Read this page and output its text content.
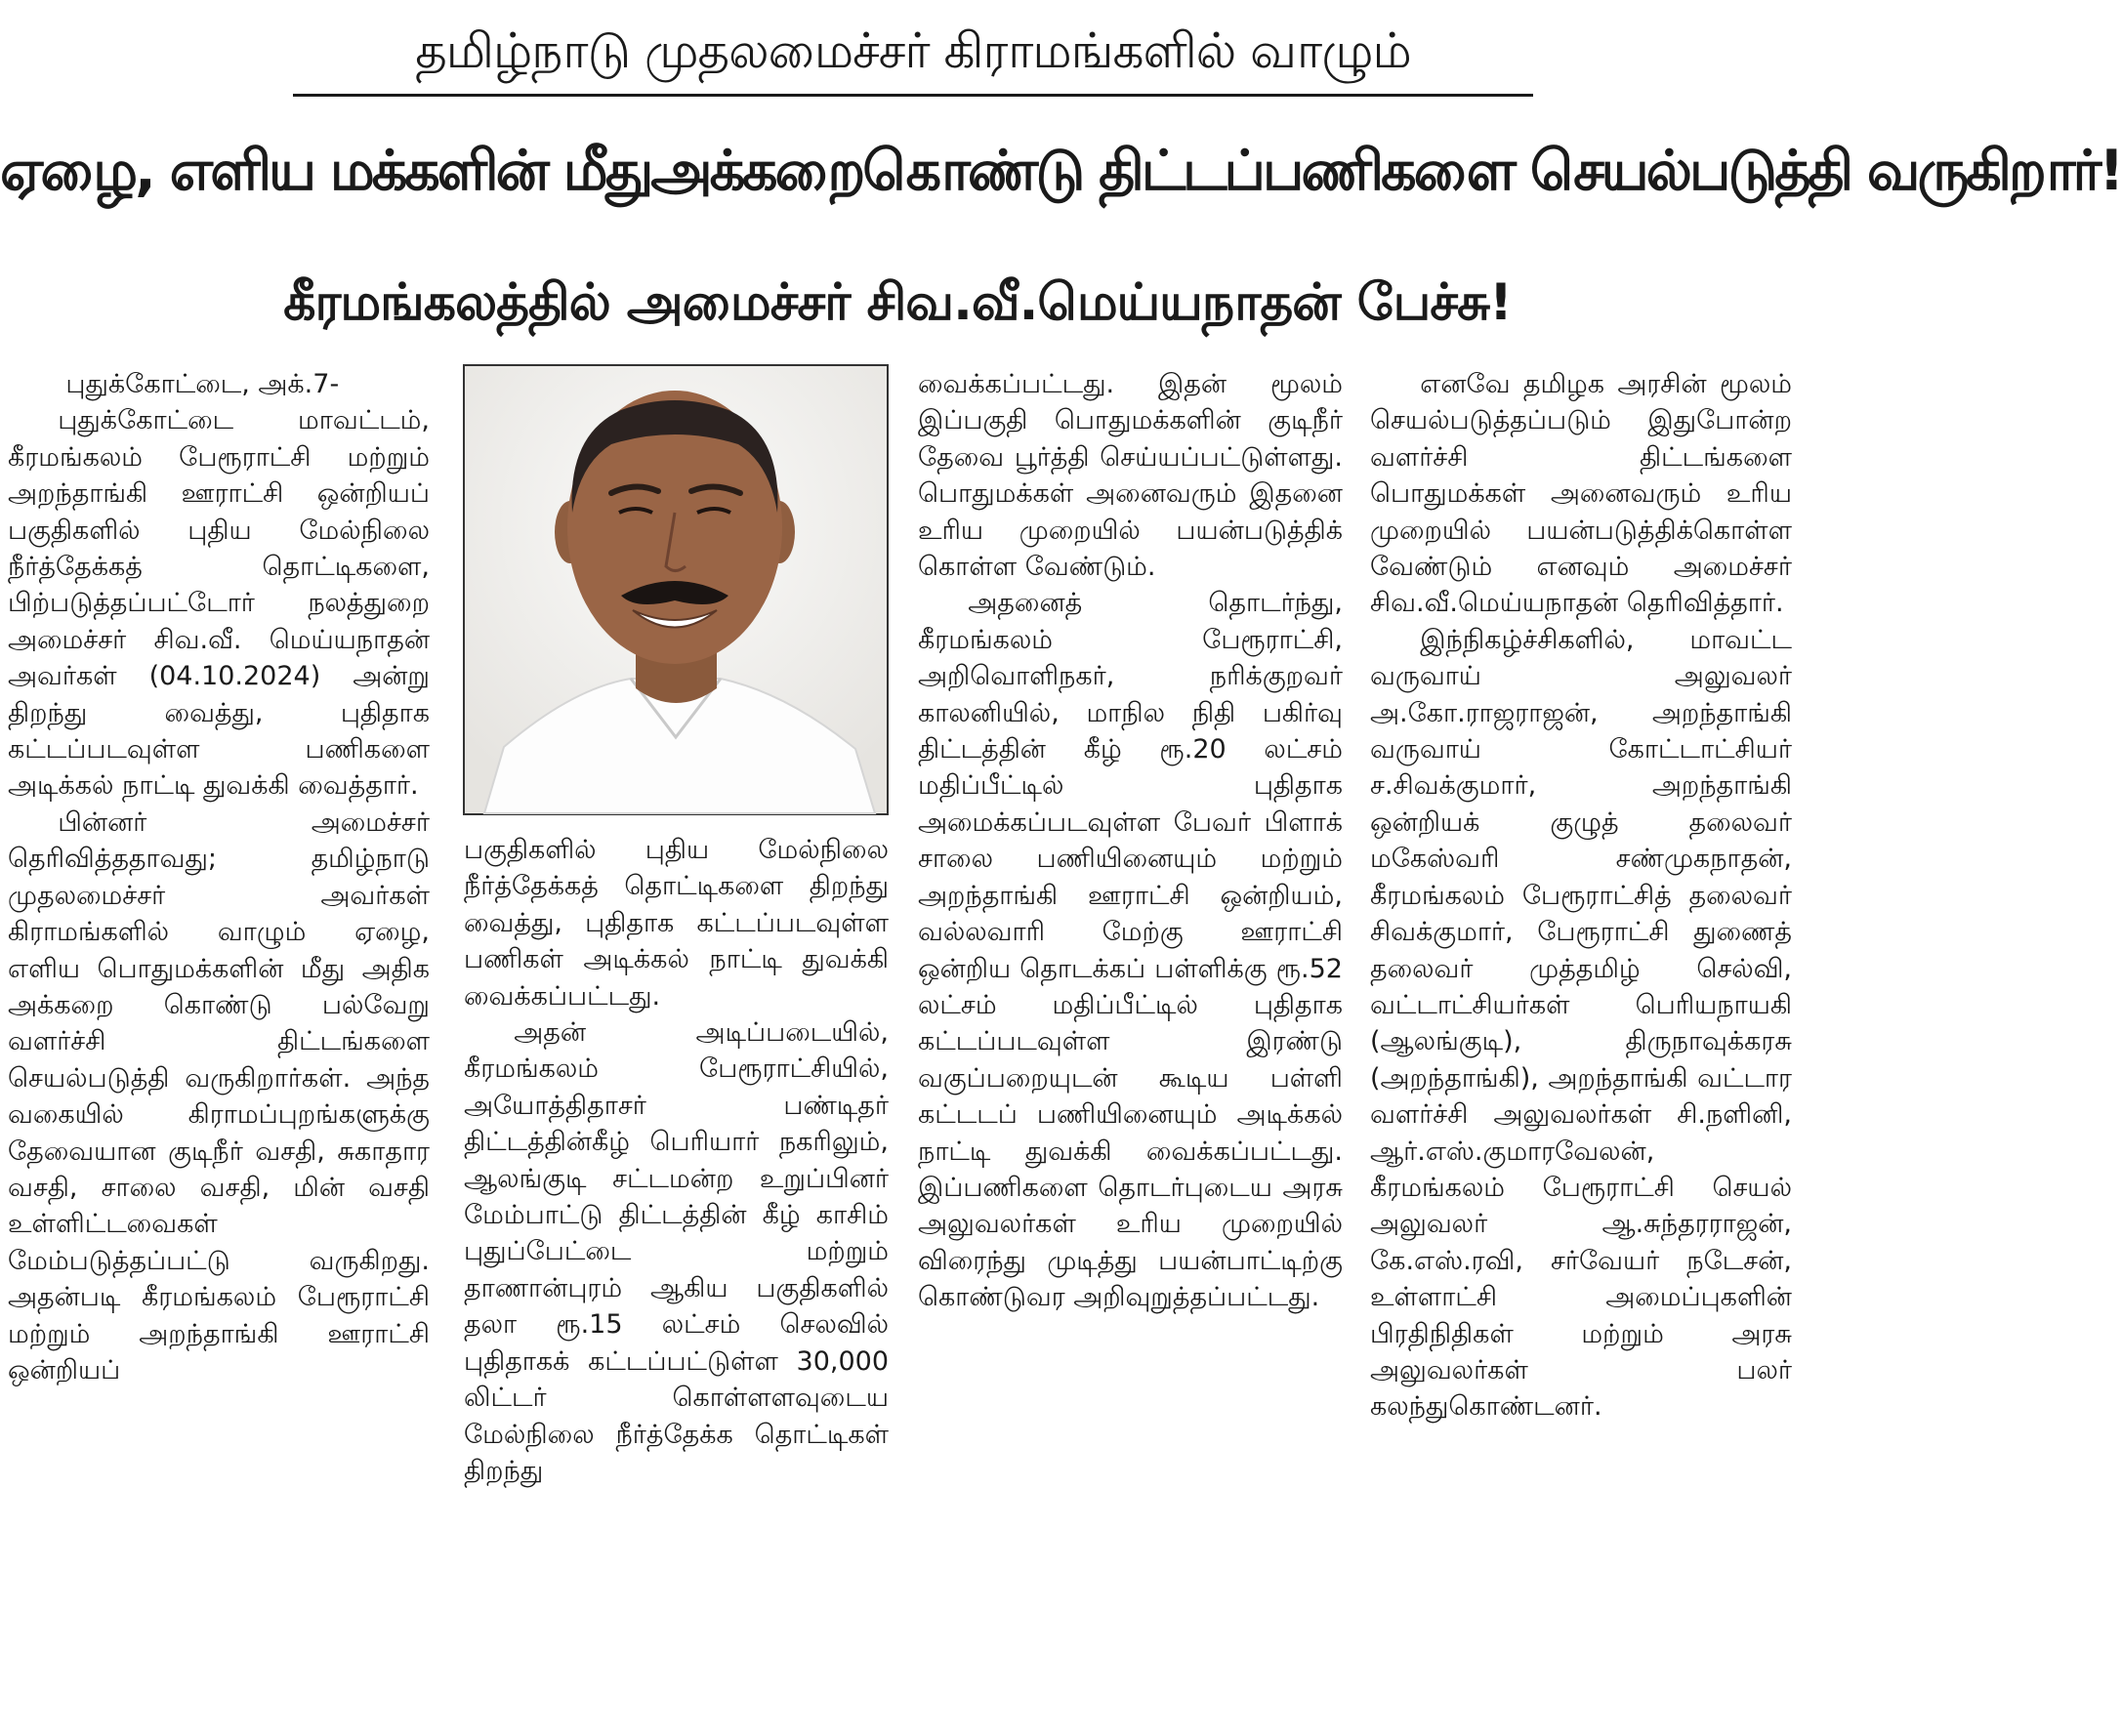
தமிழ்நாடு முதலமைச்சர் கிராமங்களில் வாழும்
ஏழை, எளிய மக்களின் மீதுஅக்கறைகொண்டு திட்டப்பணிகளை செயல்படுத்தி வருகிறார்!
கீரமங்கலத்தில் அமைச்சர் சிவ.வீ.மெய்யநாதன் பேச்சு!

புதுக்கோட்டை, அக்.7-

புதுக்கோட்டை மாவட்டம், கீரமங்கலம் பேரூராட்சி மற்றும் அறந்தாங்கி ஊராட்சி ஒன்றியப் பகுதிகளில் புதிய மேல்நிலை நீர்த்தேக்கத் தொட்டிகளை, பிற்படுத்தப்பட்டோர் நலத்துறை அமைச்சர் சிவ.வீ. மெய்யநாதன் அவர்கள் (04.10.2024) அன்று திறந்து வைத்து, புதிதாக கட்டப்படவுள்ள பணிகளை அடிக்கல் நாட்டி துவக்கி வைத்தார்.

பின்னர் அமைச்சர் தெரிவித்ததாவது; தமிழ்நாடு முதலமைச்சர் அவர்கள் கிராமங்களில் வாழும் ஏழை, எளிய பொதுமக்களின் மீது அதிக அக்கறை கொண்டு பல்வேறு வளர்ச்சி திட்டங்களை செயல்படுத்தி வருகிறார்கள். அந்த வகையில் கிராமப்புறங்களுக்கு தேவையான குடிநீர் வசதி, சுகாதார வசதி, சாலை வசதி, மின் வசதி உள்ளிட்டவைகள் மேம்படுத்தப்பட்டு வருகிறது. அதன்படி கீரமங்கலம் பேரூராட்சி மற்றும் அறந்தாங்கி ஊராட்சி ஒன்றியப்

பகுதிகளில் புதிய மேல்நிலை நீர்த்தேக்கத் தொட்டிகளை திறந்து வைத்து, புதிதாக கட்டப்படவுள்ள பணிகள் அடிக்கல் நாட்டி துவக்கி வைக்கப்பட்டது.

அதன் அடிப்படையில், கீரமங்கலம் பேரூராட்சியில், அயோத்திதாசர் பண்டிதர் திட்டத்தின்கீழ் பெரியார் நகரிலும், ஆலங்குடி சட்டமன்ற உறுப்பினர் மேம்பாட்டு திட்டத்தின் கீழ் காசிம் புதுப்பேட்டை மற்றும் தாணான்புரம் ஆகிய பகுதிகளில் தலா ரூ.15 லட்சம் செலவில் புதிதாகக் கட்டப்பட்டுள்ள 30,000 லிட்டர் கொள்ளளவுடைய மேல்நிலை நீர்த்தேக்க தொட்டிகள் திறந்து

வைக்கப்பட்டது. இதன் மூலம் இப்பகுதி பொதுமக்களின் குடிநீர் தேவை பூர்த்தி செய்யப்பட்டுள்ளது. பொதுமக்கள் அனைவரும் இதனை உரிய முறையில் பயன்படுத்திக் கொள்ள வேண்டும்.

அதனைத் தொடர்ந்து, கீரமங்கலம் பேரூராட்சி, அறிவொளிநகர், நரிக்குறவர் காலனியில், மாநில நிதி பகிர்வு திட்டத்தின் கீழ் ரூ.20 லட்சம் மதிப்பீட்டில் புதிதாக அமைக்கப்படவுள்ள பேவர் பிளாக் சாலை பணியினையும் மற்றும் அறந்தாங்கி ஊராட்சி ஒன்றியம், வல்லவாரி மேற்கு ஊராட்சி ஒன்றிய தொடக்கப் பள்ளிக்கு ரூ.52 லட்சம் மதிப்பீட்டில் புதிதாக கட்டப்படவுள்ள இரண்டு வகுப்பறையுடன் கூடிய பள்ளி கட்டடப் பணியினையும் அடிக்கல் நாட்டி துவக்கி வைக்கப்பட்டது. இப்பணிகளை தொடர்புடைய அரசு அலுவலர்கள் உரிய முறையில் விரைந்து முடித்து பயன்பாட்டிற்கு கொண்டுவர அறிவுறுத்தப்பட்டது.

எனவே தமிழக அரசின் மூலம் செயல்படுத்தப்படும் இதுபோன்ற வளர்ச்சி திட்டங்களை பொதுமக்கள் அனைவரும் உரிய முறையில் பயன்படுத்திக்கொள்ள வேண்டும் எனவும் அமைச்சர் சிவ.வீ.மெய்யநாதன் தெரிவித்தார்.

இந்நிகழ்ச்சிகளில், மாவட்ட வருவாய் அலுவலர் அ.கோ.ராஜராஜன், அறந்தாங்கி வருவாய் கோட்டாட்சியர் ச.சிவக்குமார், அறந்தாங்கி ஒன்றியக் குழுத் தலைவர் மகேஸ்வரி சண்முகநாதன், கீரமங்கலம் பேரூராட்சித் தலைவர் சிவக்குமார், பேரூராட்சி துணைத் தலைவர் முத்தமிழ் செல்வி, வட்டாட்சியர்கள் பெரியநாயகி (ஆலங்குடி), திருநாவுக்கரசு (அறந்தாங்கி), அறந்தாங்கி வட்டார வளர்ச்சி அலுவலர்கள் சி.நளினி, ஆர்.எஸ்.குமாரவேலன், கீரமங்கலம் பேரூராட்சி செயல் அலுவலர் ஆ.சுந்தரராஜன், கே.எஸ்.ரவி, சர்வேயர் நடேசன், உள்ளாட்சி அமைப்புகளின் பிரதிநிதிகள் மற்றும் அரசு அலுவலர்கள் பலர் கலந்துகொண்டனர்.
